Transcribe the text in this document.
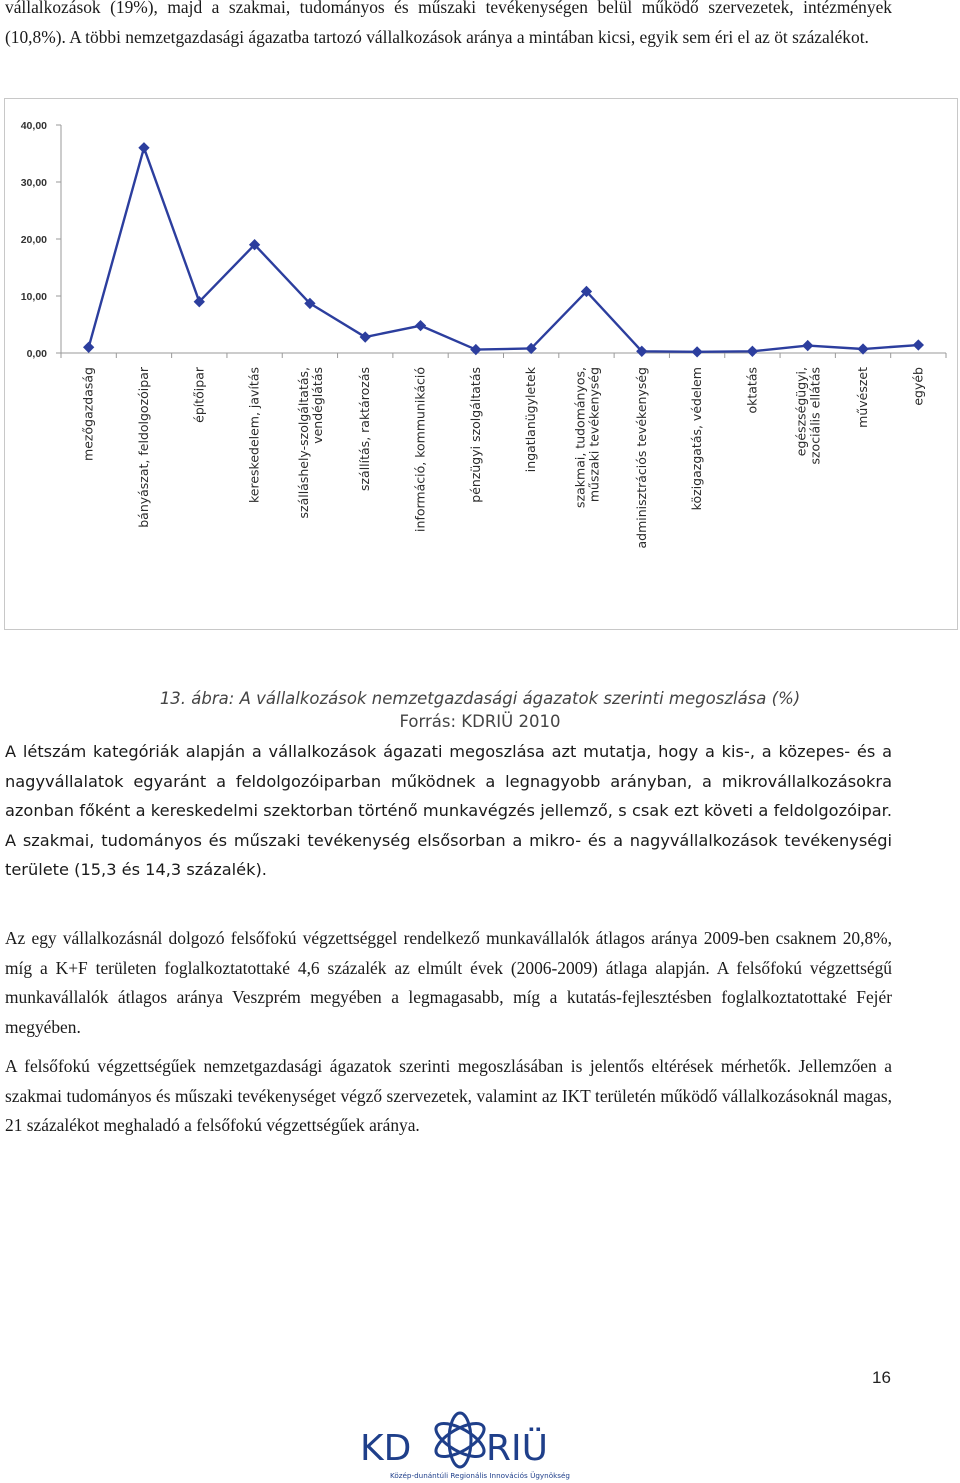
vállalkozások (19%), majd a szakmai, tudományos és műszaki tevékenységen belül működő szervezetek, intézmények (10,8%). A többi nemzetgazdasági ágazatba tartozó vállalkozások aránya a mintában kicsi, egyik sem éri el az öt százalékot.

0,00
10,00
20,00
30,00
40,00
mezőgazdaság	bányászat, feldolgozóipar	építőipar	kereskedelem, javítás	szálláshely-szolgáltatás,vendéglátás	szállítás, raktározás	információ, kommunikáció	pénzügyi szolgáltatás	ingatlanügyletek	szakmai, tudományos,műszaki tevékenység	adminisztrációs tevékenység	közigazgatás, védelem	oktatás	egészségügyi,szociális ellátás	művészet	egyéb
13. ábra: A vállalkozások nemzetgazdasági ágazatok szerinti megoszlása (%)
Forrás: KDRIÜ 2010

A létszám kategóriák alapján a vállalkozások ágazati megoszlása azt mutatja, hogy a kis-, a közepes- és a nagyvállalatok egyaránt a feldolgozóiparban működnek a legnagyobb arányban, a mikrovállalkozásokra azonban főként a kereskedelmi szektorban történő munkavégzés jellemző, s csak ezt követi a feldolgozóipar. A szakmai, tudományos és műszaki tevékenység elsősorban a mikro- és a nagyvállalkozások tevékenységi területe (15,3 és 14,3 százalék).

Az egy vállalkozásnál dolgozó felsőfokú végzettséggel rendelkező munkavállalók átlagos aránya 2009-ben csaknem 20,8%, míg a K+F területen foglalkoztatottaké 4,6 százalék az elmúlt évek (2006-2009) átlaga alapján. A felsőfokú végzettségű munkavállalók átlagos aránya Veszprém megyében a legmagasabb, míg a kutatás-fejlesztésben foglalkoztatottaké Fejér megyében.

A felsőfokú végzettségűek nemzetgazdasági ágazatok szerinti megoszlásában is jelentős eltérések mérhetők. Jellemzően a szakmai tudományos és műszaki tevékenységet végző szervezetek, valamint az IKT területén működő vállalkozásoknál magas, 21 százalékot meghaladó a felsőfokú végzettségűek aránya.

16
KD RIÜ
Közép-dunántúli Regionális Innovációs Ügynökség
